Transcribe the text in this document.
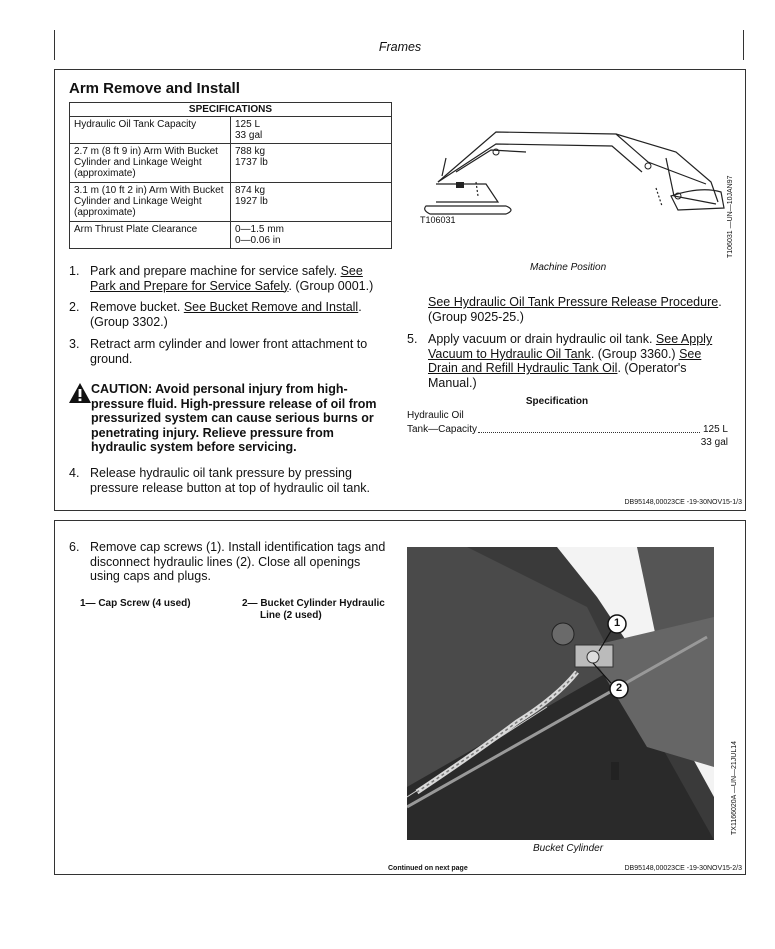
Frames
Arm Remove and Install
SPECIFICATIONS	
Hydraulic Oil Tank Capacity	125 L
33 gal

2.7 m (8 ft 9 in) Arm With Bucket Cylinder and Linkage Weight (approximate)	788 kg
1737 lb

3.1 m (10 ft 2 in) Arm With Bucket Cylinder and Linkage Weight (approximate)	874 kg
1927 lb

Arm Thrust Plate Clearance	0—1.5 mm
0—0.06 in
1. Park and prepare machine for service safely. See Park and Prepare for Service Safely. (Group 0001.)
2. Remove bucket. See Bucket Remove and Install. (Group 3302.)
3. Retract arm cylinder and lower front attachment to ground.
CAUTION: Avoid personal injury from high-pressure fluid. High-pressure release of oil from pressurized system can cause serious burns or penetrating injury. Relieve pressure from hydraulic system before servicing.
4. Release hydraulic oil tank pressure by pressing pressure release button at top of hydraulic oil tank.
T106031	T106031 —UN—10JAN97
Machine Position
See Hydraulic Oil Tank Pressure Release Procedure. (Group 9025-25.)
5. Apply vacuum or drain hydraulic oil tank. See Apply Vacuum to Hydraulic Oil Tank. (Group 3360.) See Drain and Refill Hydraulic Tank Oil. (Operator's Manual.)
Specification
Hydraulic Oil
Tank—Capacity	125 L
33 gal
DB95148,00023CE -19-30NOV15-1/3
6. Remove cap screws (1). Install identification tags and disconnect hydraulic lines (2). Close all openings using caps and plugs.
1— Cap Screw (4 used)	2— Bucket Cylinder Hydraulic
Line (2 used)
1
2
TX1166020A —UN—21JUL14
Bucket Cylinder
Continued on next page	DB95148,00023CE -19-30NOV15-2/3
